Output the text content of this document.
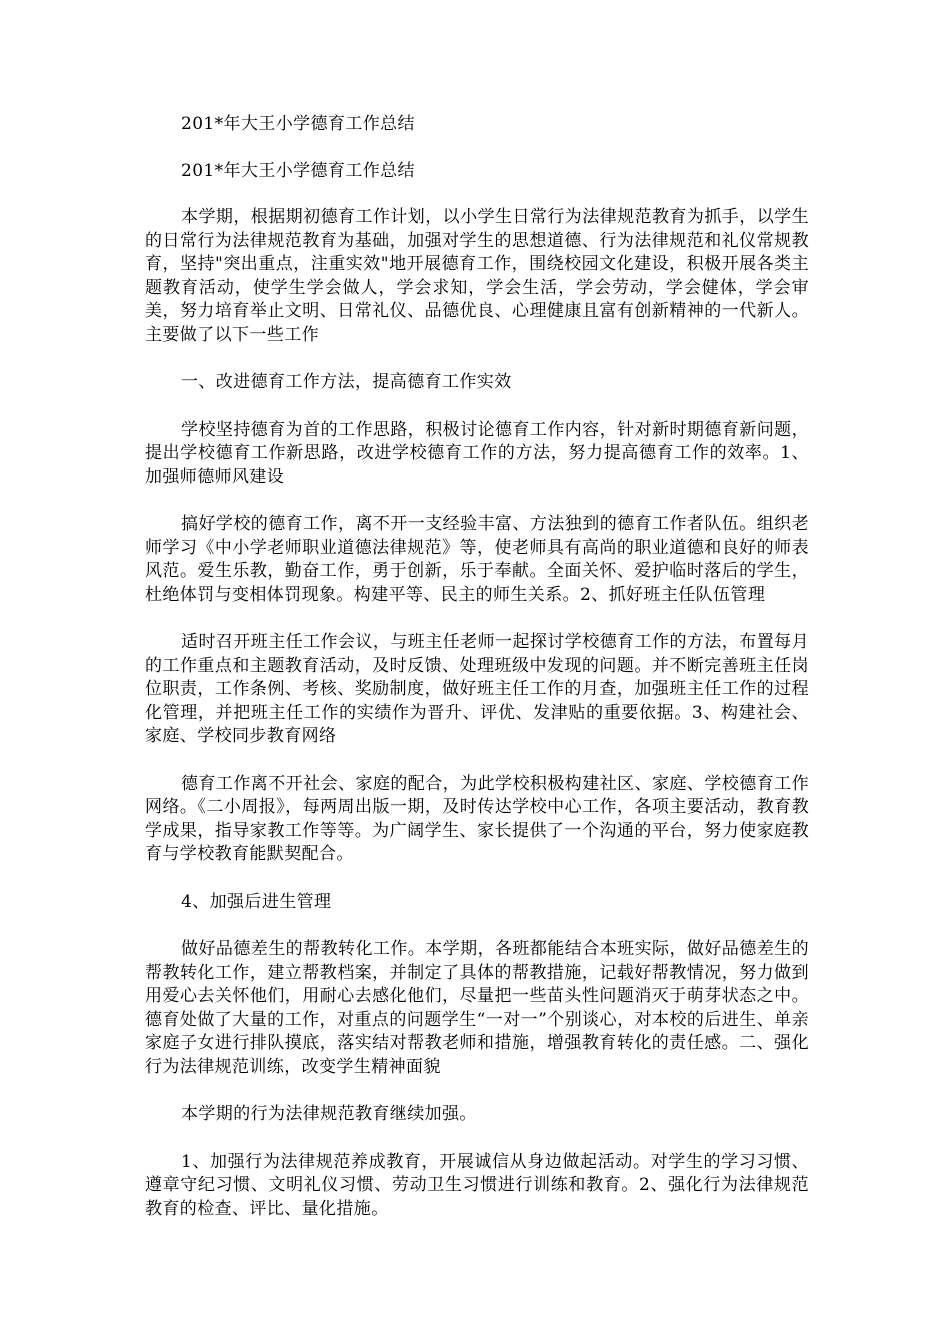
201*年大王小学德育工作总结

201*年大王小学德育工作总结

本学期，根据期初德育工作计划，以小学生日常行为法律规范教育为抓手，以学生的日常行为法律规范教育为基础，加强对学生的思想道德、行为法律规范和礼仪常规教育，坚持"突出重点，注重实效"地开展德育工作，围绕校园文化建设，积极开展各类主题教育活动，使学生学会做人，学会求知，学会生活，学会劳动，学会健体，学会审美，努力培育举止文明、日常礼仪、品德优良、心理健康且富有创新精神的一代新人。主要做了以下一些工作

一、改进德育工作方法，提高德育工作实效

学校坚持德育为首的工作思路，积极讨论德育工作内容，针对新时期德育新问题，提出学校德育工作新思路，改进学校德育工作的方法，努力提高德育工作的效率。1、加强师德师风建设

搞好学校的德育工作，离不开一支经验丰富、方法独到的德育工作者队伍。组织老师学习《中小学老师职业道德法律规范》等，使老师具有高尚的职业道德和良好的师表风范。爱生乐教，勤奋工作，勇于创新，乐于奉献。全面关怀、爱护临时落后的学生，杜绝体罚与变相体罚现象。构建平等、民主的师生关系。2、抓好班主任队伍管理

适时召开班主任工作会议，与班主任老师一起探讨学校德育工作的方法，布置每月的工作重点和主题教育活动，及时反馈、处理班级中发现的问题。并不断完善班主任岗位职责，工作条例、考核、奖励制度，做好班主任工作的月查，加强班主任工作的过程化管理，并把班主任工作的实绩作为晋升、评优、发津贴的重要依据。3、构建社会、家庭、学校同步教育网络

德育工作离不开社会、家庭的配合，为此学校积极构建社区、家庭、学校德育工作网络。《二小周报》，每两周出版一期，及时传达学校中心工作，各项主要活动，教育教学成果，指导家教工作等等。为广阔学生、家长提供了一个沟通的平台，努力使家庭教育与学校教育能默契配合。

4、加强后进生管理

做好品德差生的帮教转化工作。本学期，各班都能结合本班实际，做好品德差生的帮教转化工作，建立帮教档案，并制定了具体的帮教措施，记载好帮教情况，努力做到用爱心去关怀他们，用耐心去感化他们，尽量把一些苗头性问题消灭于萌芽状态之中。德育处做了大量的工作，对重点的问题学生“一对一”个别谈心，对本校的后进生、单亲家庭子女进行排队摸底，落实结对帮教老师和措施，增强教育转化的责任感。二、强化行为法律规范训练，改变学生精神面貌

本学期的行为法律规范教育继续加强。

1、加强行为法律规范养成教育，开展诚信从身边做起活动。对学生的学习习惯、遵章守纪习惯、文明礼仪习惯、劳动卫生习惯进行训练和教育。2、强化行为法律规范教育的检查、评比、量化措施。
